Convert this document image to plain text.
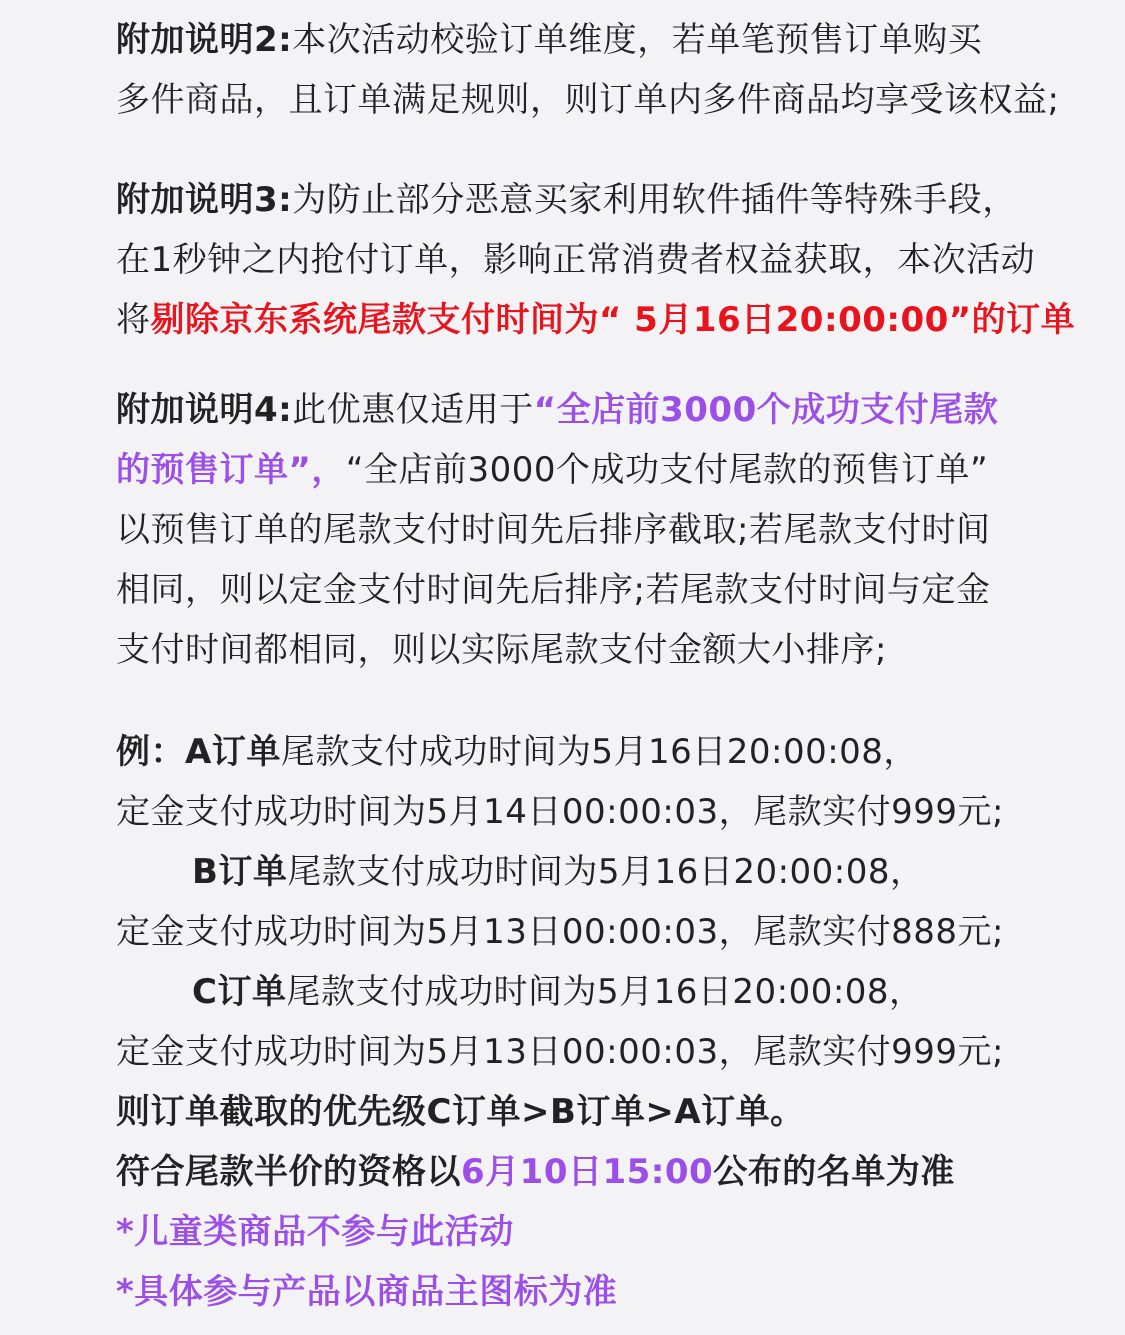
附加说明2:本次活动校验订单维度，若单笔预售订单购买
多件商品，且订单满足规则，则订单内多件商品均享受该权益;
附加说明3:为防止部分恶意买家利用软件插件等特殊手段，
在1秒钟之内抢付订单，影响正常消费者权益获取，本次活动
将剔除京东系统尾款支付时间为“ 5月16日20:00:00”的订单
附加说明4:此优惠仅适用于“全店前3000个成功支付尾款
的预售订单”，“全店前3000个成功支付尾款的预售订单”
以预售订单的尾款支付时间先后排序截取;若尾款支付时间
相同，则以定金支付时间先后排序;若尾款支付时间与定金
支付时间都相同，则以实际尾款支付金额大小排序;
例：A订单尾款支付成功时间为5月16日20:00:08，
定金支付成功时间为5月14日00:00:03，尾款实付999元;
B订单尾款支付成功时间为5月16日20:00:08，
定金支付成功时间为5月13日00:00:03，尾款实付888元;
C订单尾款支付成功时间为5月16日20:00:08，
定金支付成功时间为5月13日00:00:03，尾款实付999元;
则订单截取的优先级C订单>B订单>A订单。
符合尾款半价的资格以6月10日15:00公布的名单为准
*儿童类商品不参与此活动
*具体参与产品以商品主图标为准
